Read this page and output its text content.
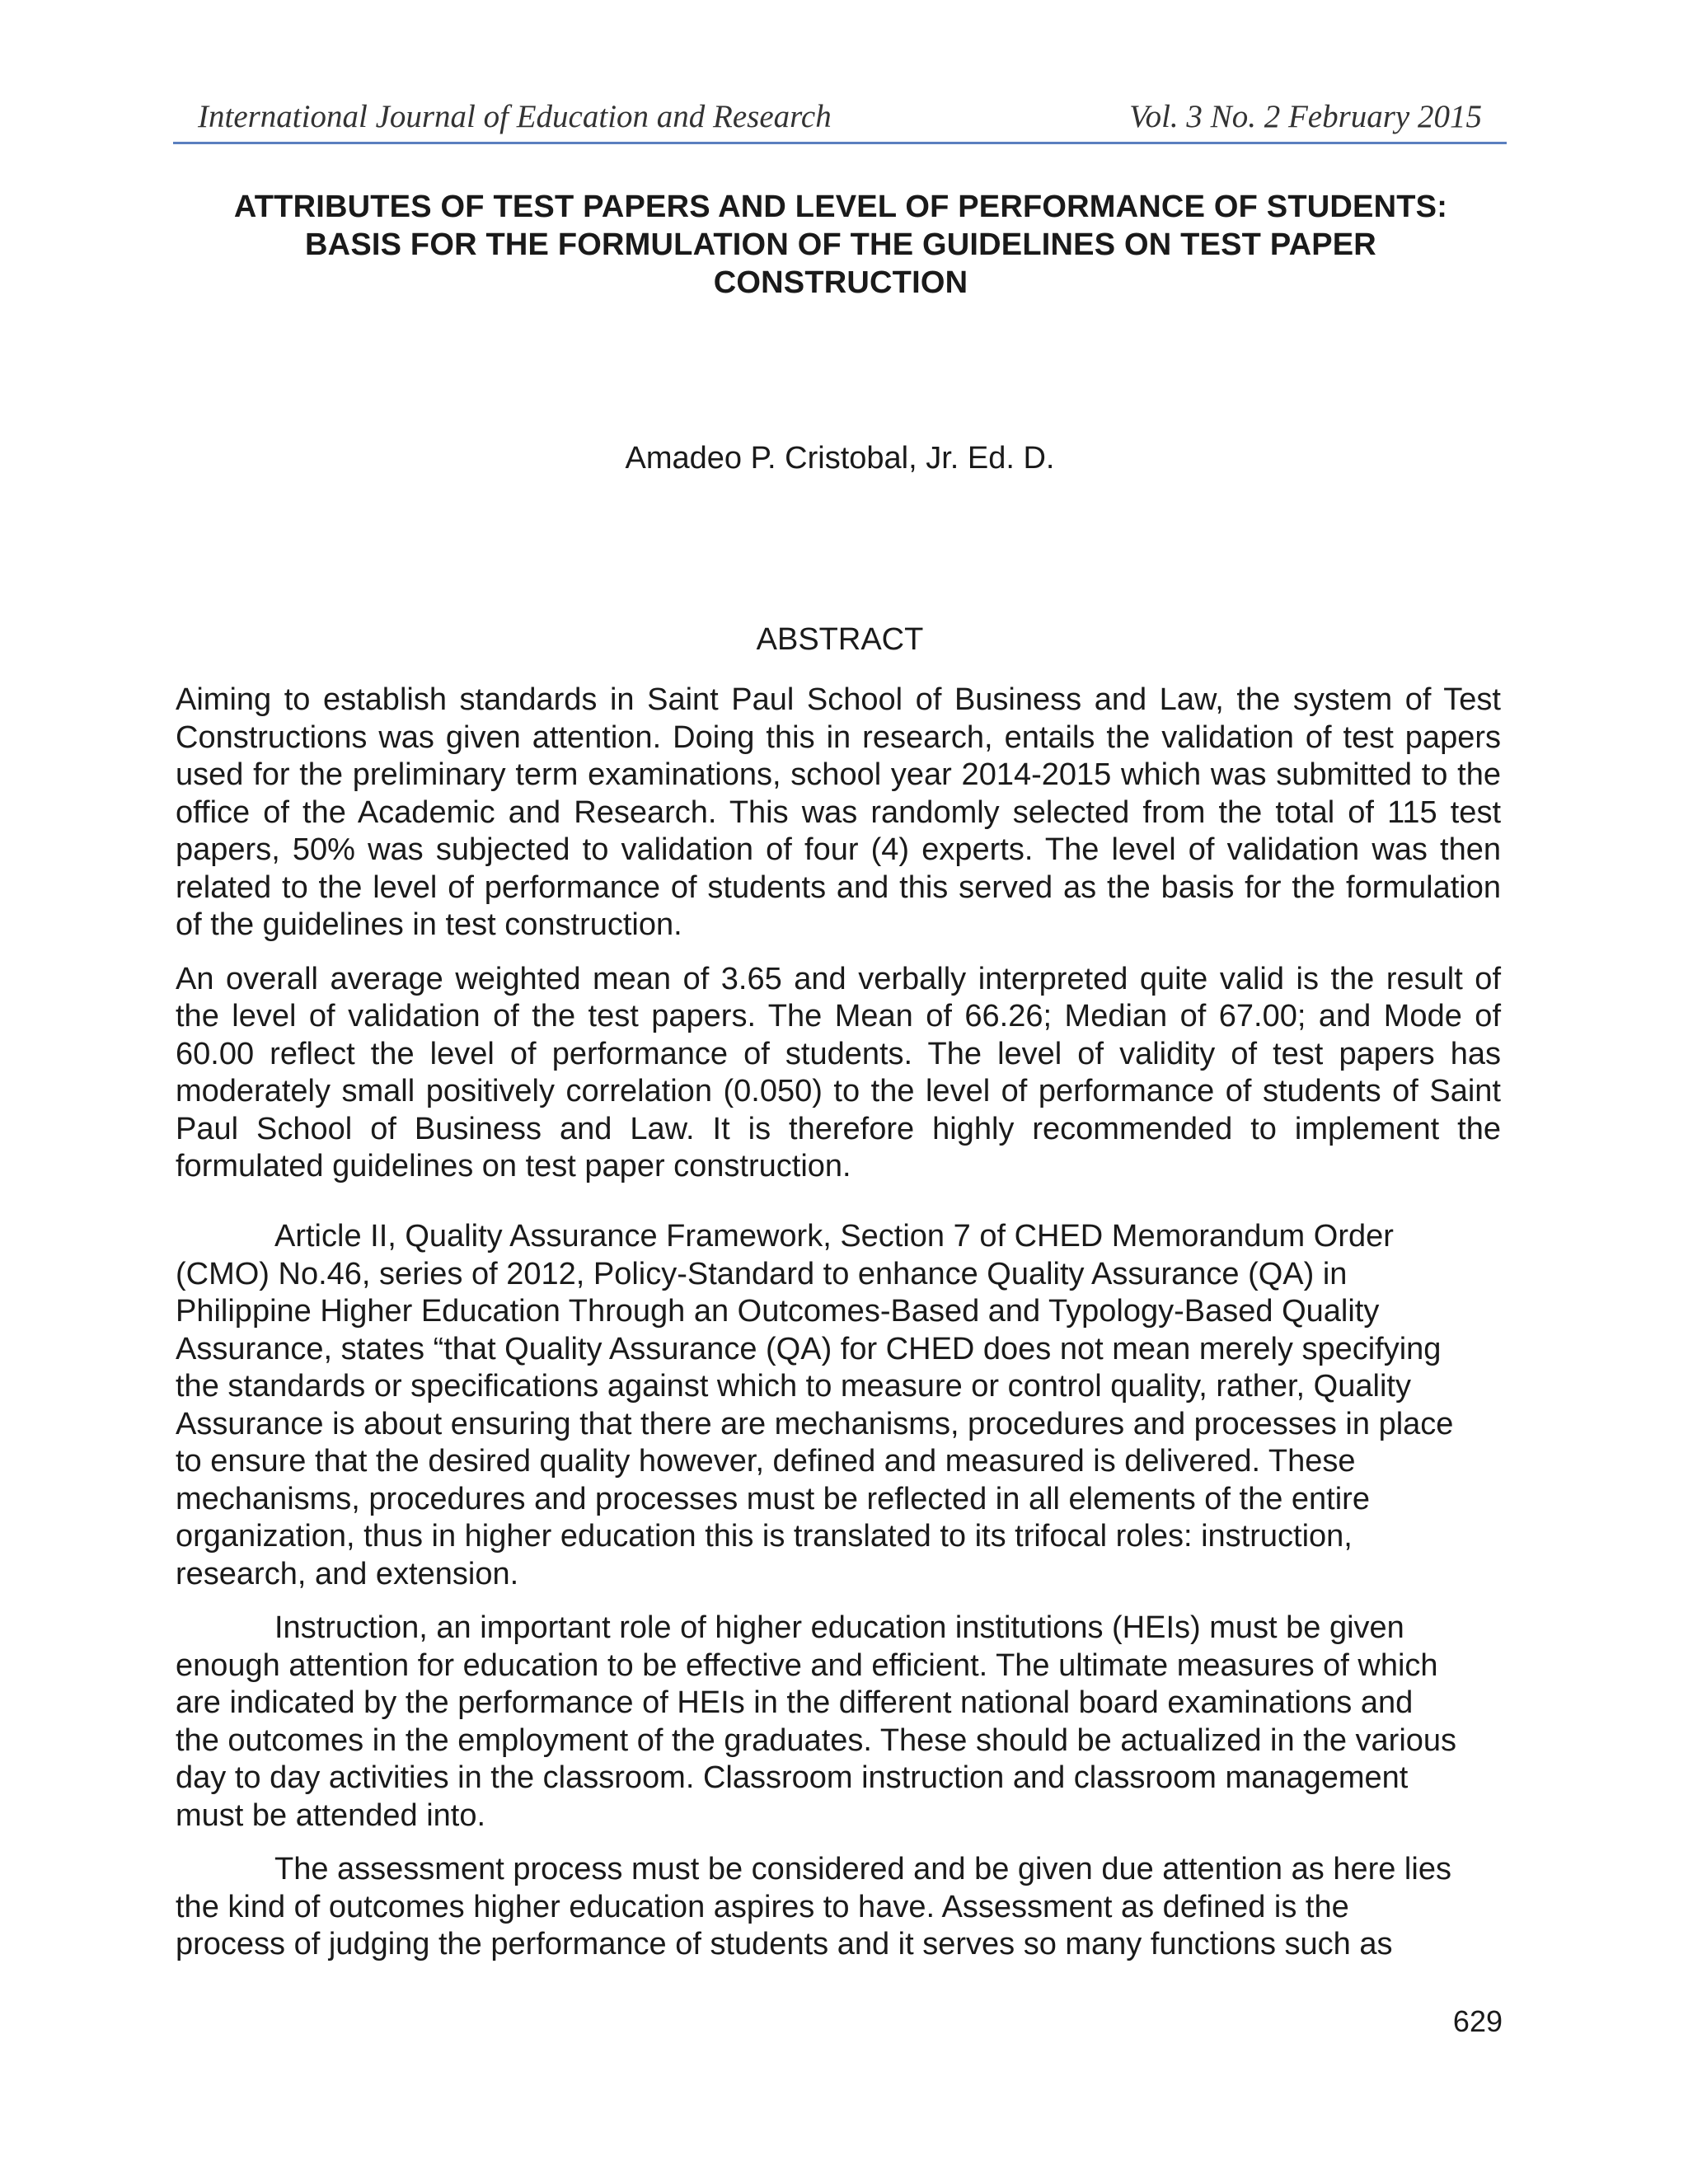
International Journal of Education and Research	Vol. 3 No. 2 February 2015
ATTRIBUTES OF TEST PAPERS AND LEVEL OF PERFORMANCE OF STUDENTS: BASIS FOR THE FORMULATION OF THE GUIDELINES ON TEST PAPER CONSTRUCTION
Amadeo P. Cristobal, Jr. Ed. D.
ABSTRACT

Aiming to establish standards in Saint Paul School of Business and Law, the system of Test Constructions was given attention. Doing this in research, entails the validation of test papers used for the preliminary term examinations, school year 2014-2015 which was submitted to the office of the Academic and Research. This was randomly selected from the total of 115 test papers, 50% was subjected to validation of four (4) experts. The level of validation was then related to the level of performance of students and this served as the basis for the formulation of the guidelines in test construction.

An overall average weighted mean of 3.65 and verbally interpreted quite valid is the result of the level of validation of the test papers. The Mean of 66.26; Median of 67.00; and Mode of 60.00 reflect the level of performance of students. The level of validity of test papers has moderately small positively correlation (0.050) to the level of performance of students of Saint Paul School of Business and Law. It is therefore highly recommended to implement the formulated guidelines on test paper construction.

Article II, Quality Assurance Framework, Section 7 of CHED Memorandum Order (CMO) No.46, series of 2012, Policy-Standard to enhance Quality Assurance (QA) in Philippine Higher Education Through an Outcomes-Based and Typology-Based Quality Assurance, states “that Quality Assurance (QA) for CHED does not mean merely specifying the standards or specifications against which to measure or control quality, rather, Quality Assurance is about ensuring that there are mechanisms, procedures and processes in place to ensure that the desired quality however, defined and measured is delivered. These mechanisms, procedures and processes must be reflected in all elements of the entire organization, thus in higher education this is translated to its trifocal roles: instruction, research, and extension.

Instruction, an important role of higher education institutions (HEIs) must be given enough attention for education to be effective and efficient. The ultimate measures of which are indicated by the performance of HEIs in the different national board examinations and the outcomes in the employment of the graduates. These should be actualized in the various day to day activities in the classroom. Classroom instruction and classroom management must be attended into.

The assessment process must be considered and be given due attention as here lies the kind of outcomes higher education aspires to have. Assessment as defined is the process of judging the performance of students and it serves so many functions such as

629
